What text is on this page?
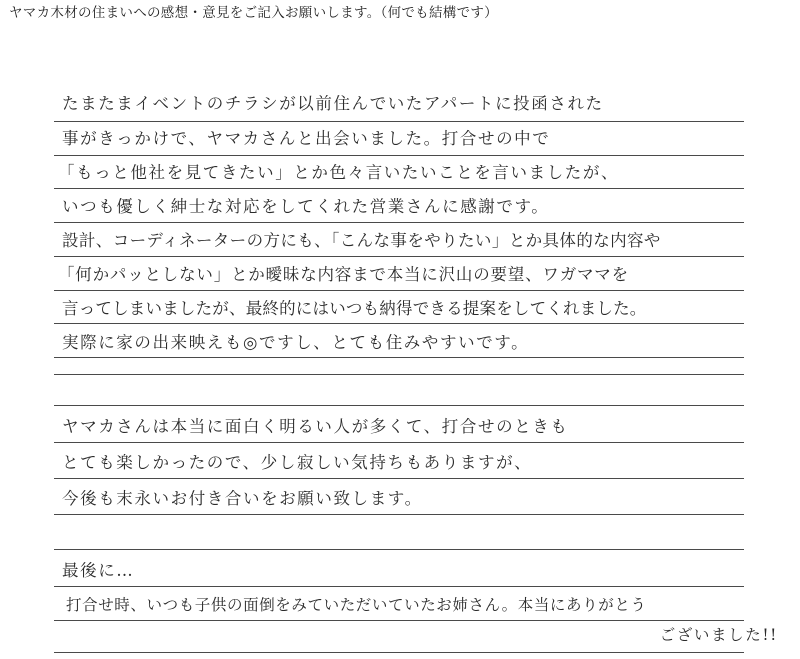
ヤマカ木材の住まいへの感想・意見をご記入お願いします。（何でも結構です）
たまたまイベントのチラシが以前住んでいたアパートに投函された
事がきっかけで、ヤマカさんと出会いました。打合せの中で
「もっと他社を見てきたい」とか色々言いたいことを言いましたが、
いつも優しく紳士な対応をしてくれた営業さんに感謝です。
設計、コーディネーターの方にも、「こんな事をやりたい」とか具体的な内容や
「何かパッとしない」とか曖昧な内容まで本当に沢山の要望、ワガママを
言ってしまいましたが、最終的にはいつも納得できる提案をしてくれました。
実際に家の出来映えも◎ですし、とても住みやすいです。
ヤマカさんは本当に面白く明るい人が多くて、打合せのときも
とても楽しかったので、少し寂しい気持ちもありますが、
今後も末永いお付き合いをお願い致します。
最後に…
打合せ時、いつも子供の面倒をみていただいていたお姉さん。本当にありがとう
ございました!!
